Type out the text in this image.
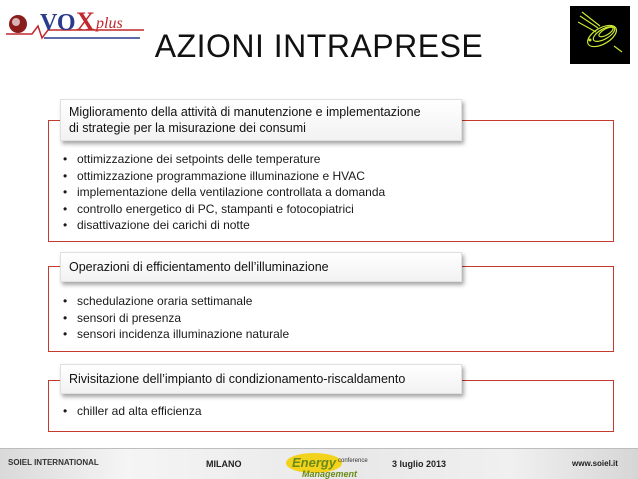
VO X plus
AZIONI INTRAPRESE
• ottimizzazione dei setpoints delle temperature
• ottimizzazione programmazione illuminazione e HVAC
• implementazione della ventilazione controllata a domanda
• controllo energetico di PC, stampanti e fotocopiatrici
• disattivazione dei carichi di notte
Miglioramento della attività di manutenzione e implementazione
di strategie per la misurazione dei consumi
• schedulazione oraria settimanale
• sensori di presenza
• sensori incidenza illuminazione naturale
Operazioni di efficientamento dell’illuminazione
• chiller ad alta efficienza
Rivisitazione dell’impianto di condizionamento-riscaldamento
SOIEL INTERNATIONAL	MILANO	3 luglio 2013	www.soiel.it
Energy conference
Management
